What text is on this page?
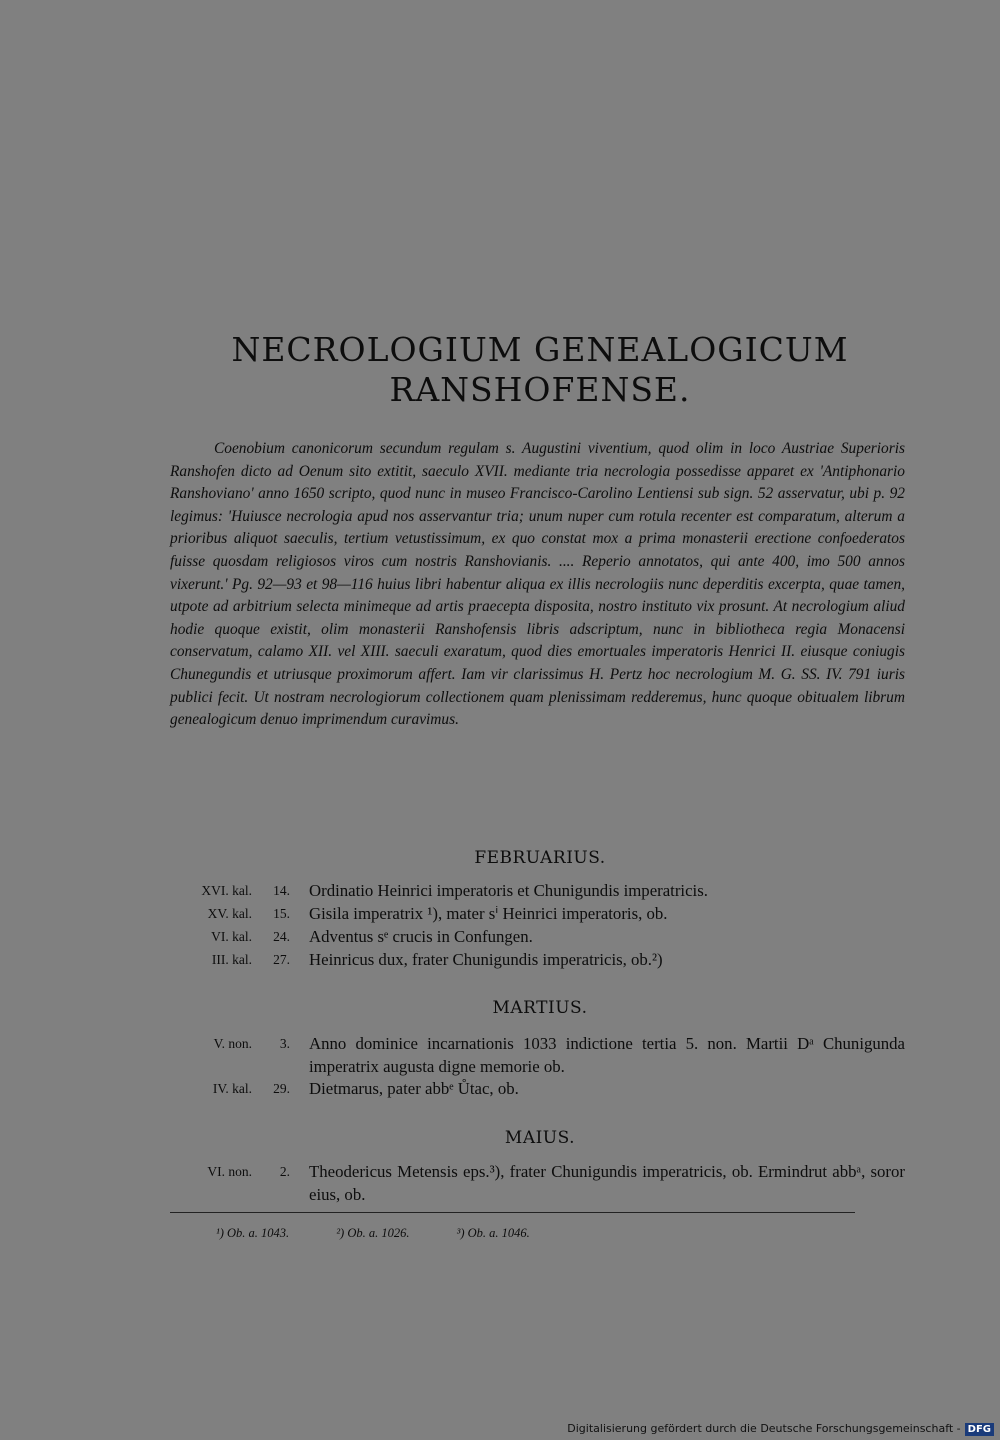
NECROLOGIUM GENEALOGICUM
RANSHOFENSE.
Coenobium canonicorum secundum regulam s. Augustini viventium, quod olim in loco Austriae Superioris Ranshofen dicto ad Oenum sito extitit, saeculo XVII. mediante tria necrologia possedisse apparet ex 'Antiphonario Ranshoviano' anno 1650 scripto, quod nunc in museo Francisco-Carolino Lentiensi sub sign. 52 asservatur, ubi p. 92 legimus: 'Huiusce necrologia apud nos asservantur tria; unum nuper cum rotula recenter est comparatum, alterum a prioribus aliquot saeculis, tertium vetustissimum, ex quo constat mox a prima monasterii erectione confoederatos fuisse quosdam religiosos viros cum nostris Ranshovianis. .... Reperio annotatos, qui ante 400, imo 500 annos vixerunt.' Pg. 92—93 et 98—116 huius libri habentur aliqua ex illis necrologiis nunc deperditis excerpta, quae tamen, utpote ad arbitrium selecta minimeque ad artis praecepta disposita, nostro instituto vix prosunt. At necrologium aliud hodie quoque existit, olim monasterii Ranshofensis libris adscriptum, nunc in bibliotheca regia Monacensi conservatum, calamo XII. vel XIII. saeculi exaratum, quod dies emortuales imperatoris Henrici II. eiusque coniugis Chunegundis et utriusque proximorum affert. Iam vir clarissimus H. Pertz hoc necrologium M. G. SS. IV. 791 iuris publici fecit. Ut nostram necrologiorum collectionem quam plenissimam redderemus, hunc quoque obitualem librum genealogicum denuo imprimendum curavimus.
FEBRUARIUS.
XVI. kal.	14. Ordinatio Heinrici imperatoris et Chunigundis imperatricis.
XV. kal.	15. Gisila imperatrix ¹), mater sⁱ Heinrici imperatoris, ob.
VI. kal.	24. Adventus sᵉ crucis in Confungen.
III. kal.	27. Heinricus dux, frater Chunigundis imperatricis, ob.²)
MARTIUS.
V. non.	3. Anno dominice incarnationis 1033 indictione tertia 5. non. Martii Dᵃ Chunigunda imperatrix augusta digne memorie ob.
IV. kal.	29. Dietmarus, pater abbᵉ Ůtac, ob.
MAIUS.
VI. non.	2. Theodericus Metensis eps.³), frater Chunigundis imperatricis, ob. Ermindrut abbᵃ, soror eius, ob.
¹) Ob. a. 1043.	²) Ob. a. 1026.	³) Ob. a. 1046.
Digitalisierung gefördert durch die Deutsche Forschungsgemeinschaft - DFG
